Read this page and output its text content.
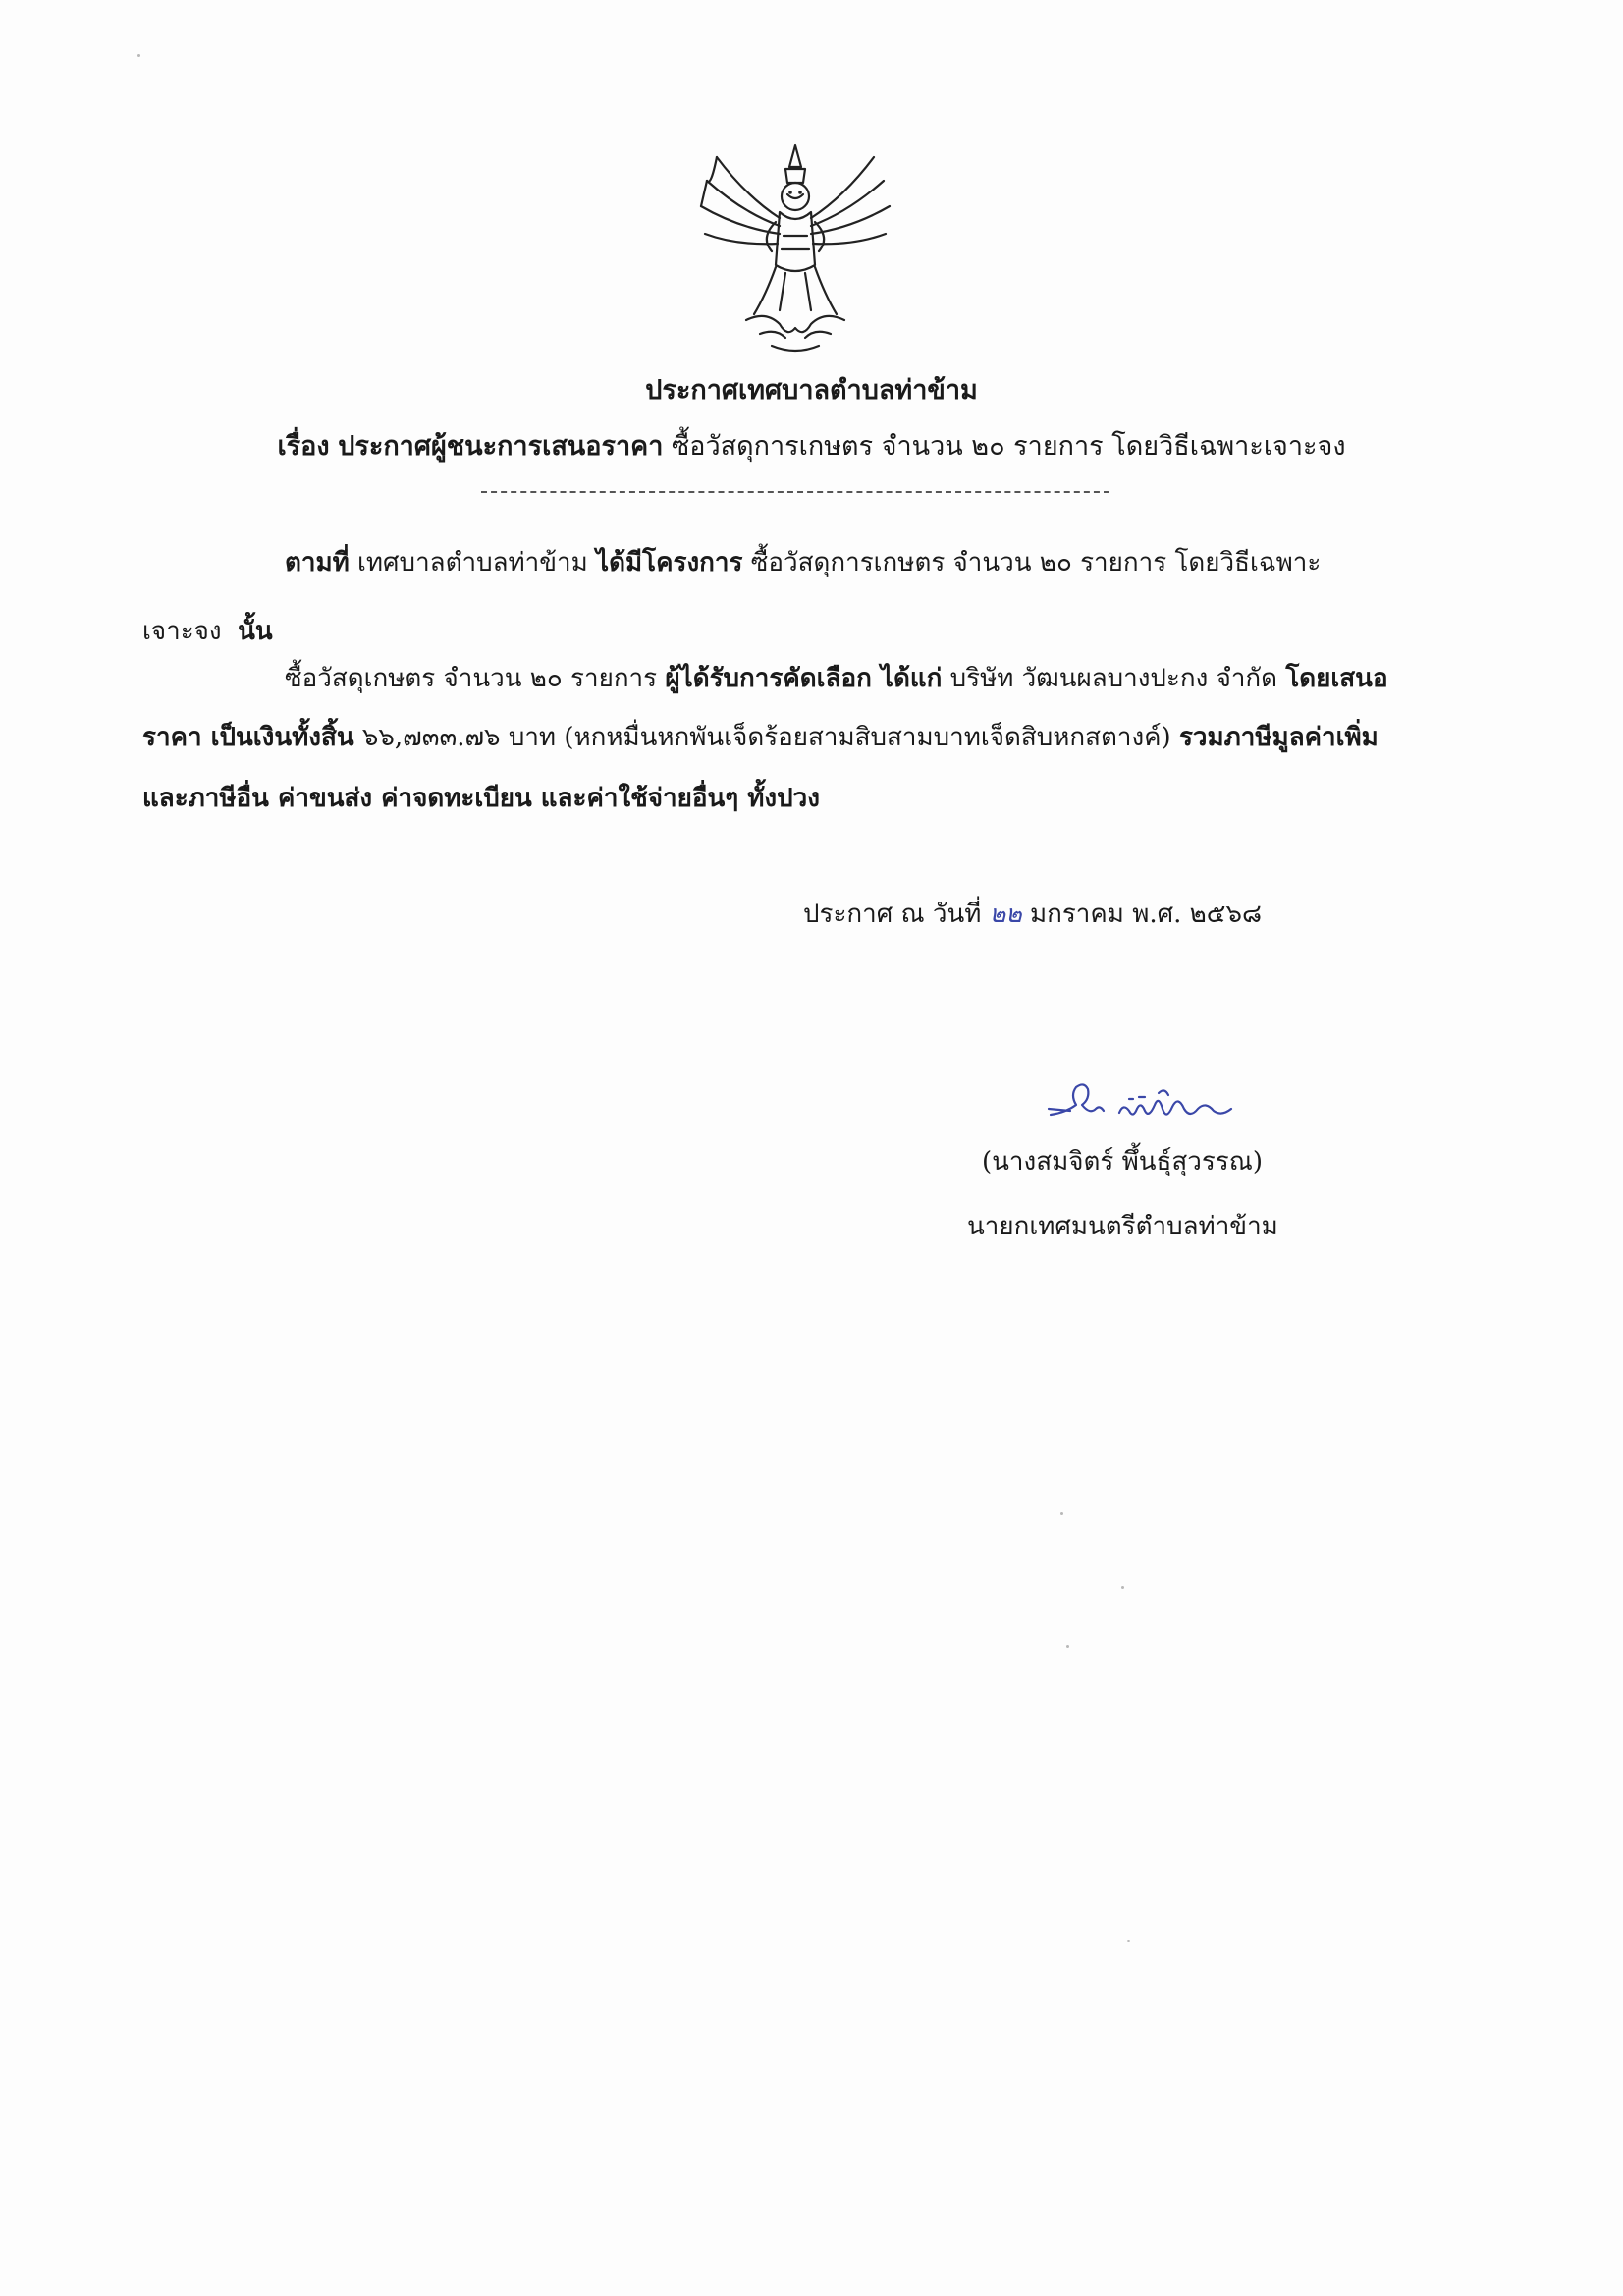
ประกาศเทศบาลตำบลท่าข้าม
เรื่อง ประกาศผู้ชนะการเสนอราคา ซื้อวัสดุการเกษตร จำนวน ๒๐ รายการ โดยวิธีเฉพาะเจาะจง
ตามที่ เทศบาลตำบลท่าข้าม ได้มีโครงการ ซื้อวัสดุการเกษตร จำนวน ๒๐ รายการ โดยวิธีเฉพาะ
เจาะจง นั้น
ซื้อวัสดุเกษตร จำนวน ๒๐ รายการ ผู้ได้รับการคัดเลือก ได้แก่ บริษัท วัฒนผลบางปะกง จำกัด โดยเสนอ
ราคา เป็นเงินทั้งสิ้น ๖๖,๗๓๓.๗๖ บาท (หกหมื่นหกพันเจ็ดร้อยสามสิบสามบาทเจ็ดสิบหกสตางค์) รวมภาษีมูลค่าเพิ่ม
และภาษีอื่น ค่าขนส่ง ค่าจดทะเบียน และค่าใช้จ่ายอื่นๆ ทั้งปวง
ประกาศ ณ วันที่ ๒๒ มกราคม พ.ศ. ๒๕๖๘
(นางสมจิตร์ พึ้นธุ์สุวรรณ)
นายกเทศมนตรีตำบลท่าข้าม
